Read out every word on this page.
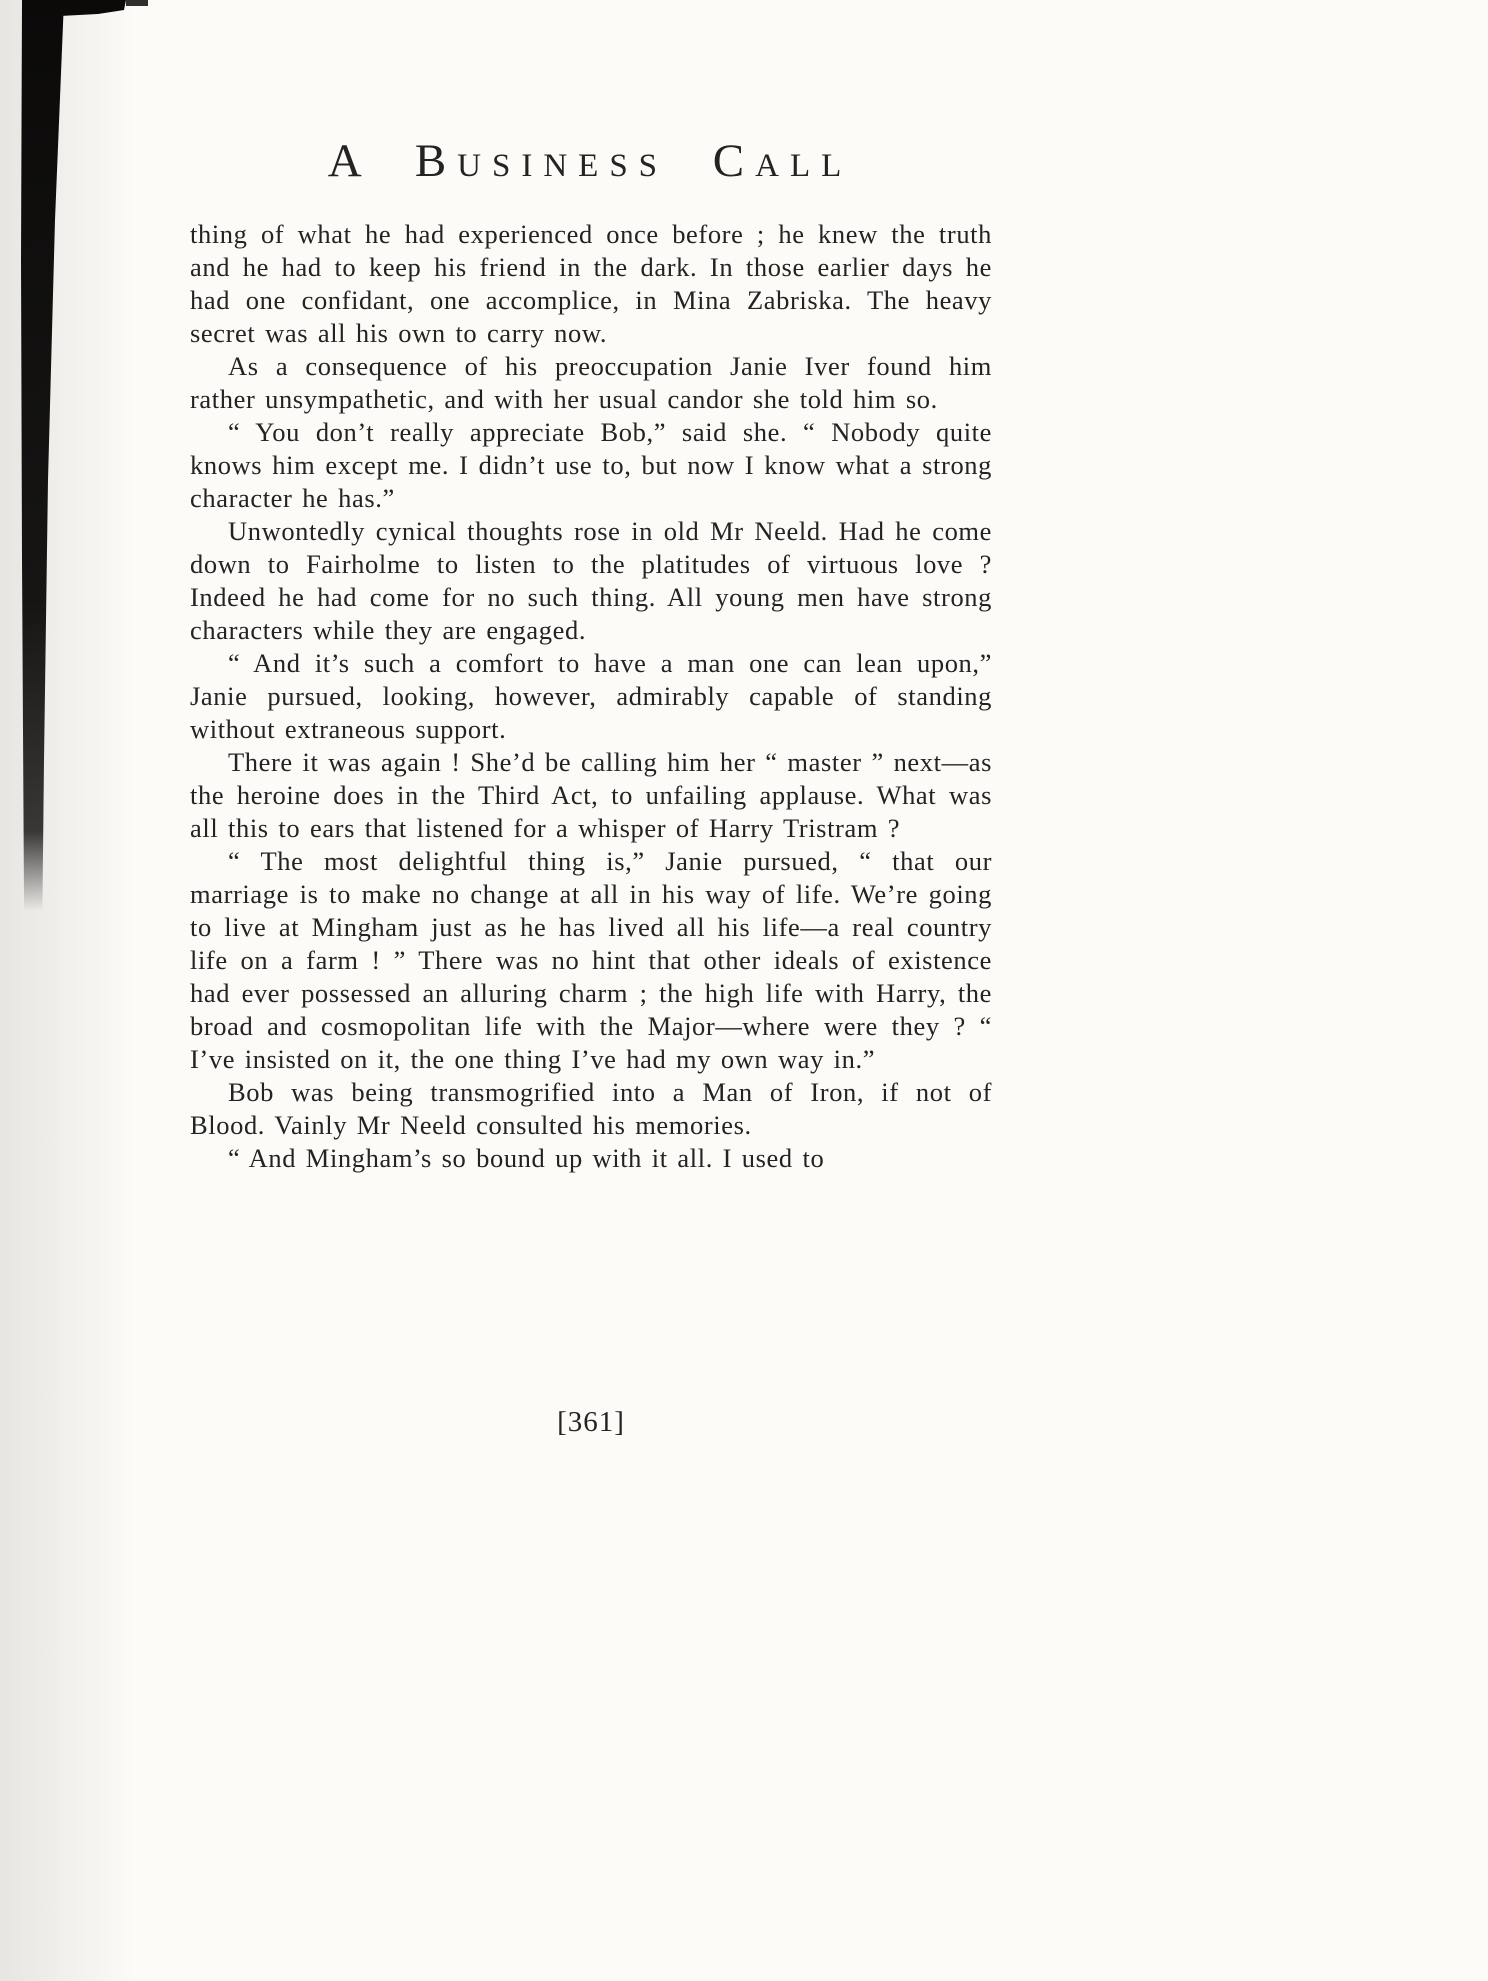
A Business Call

thing of what he had experienced once before ; he knew the truth and he had to keep his friend in the dark. In those earlier days he had one confidant, one accomplice, in Mina Zabriska. The heavy secret was all his own to carry now.

As a consequence of his preoccupation Janie Iver found him rather unsympathetic, and with her usual candor she told him so.

“ You don’t really appreciate Bob,” said she. “ Nobody quite knows him except me. I didn’t use to, but now I know what a strong character he has.”

Unwontedly cynical thoughts rose in old Mr Neeld. Had he come down to Fairholme to listen to the platitudes of virtuous love ? Indeed he had come for no such thing. All young men have strong characters while they are engaged.

“ And it’s such a comfort to have a man one can lean upon,” Janie pursued, looking, however, admirably capable of standing without extraneous support.

There it was again ! She’d be calling him her “ master ” next—as the heroine does in the Third Act, to unfailing applause. What was all this to ears that listened for a whisper of Harry Tristram ?

“ The most delightful thing is,” Janie pursued, “ that our marriage is to make no change at all in his way of life. We’re going to live at Mingham just as he has lived all his life—a real country life on a farm ! ” There was no hint that other ideals of existence had ever possessed an alluring charm ; the high life with Harry, the broad and cosmopolitan life with the Major—where were they ? “ I’ve insisted on it, the one thing I’ve had my own way in.”

Bob was being transmogrified into a Man of Iron, if not of Blood. Vainly Mr Neeld consulted his memories.

“ And Mingham’s so bound up with it all. I used to

[361]
